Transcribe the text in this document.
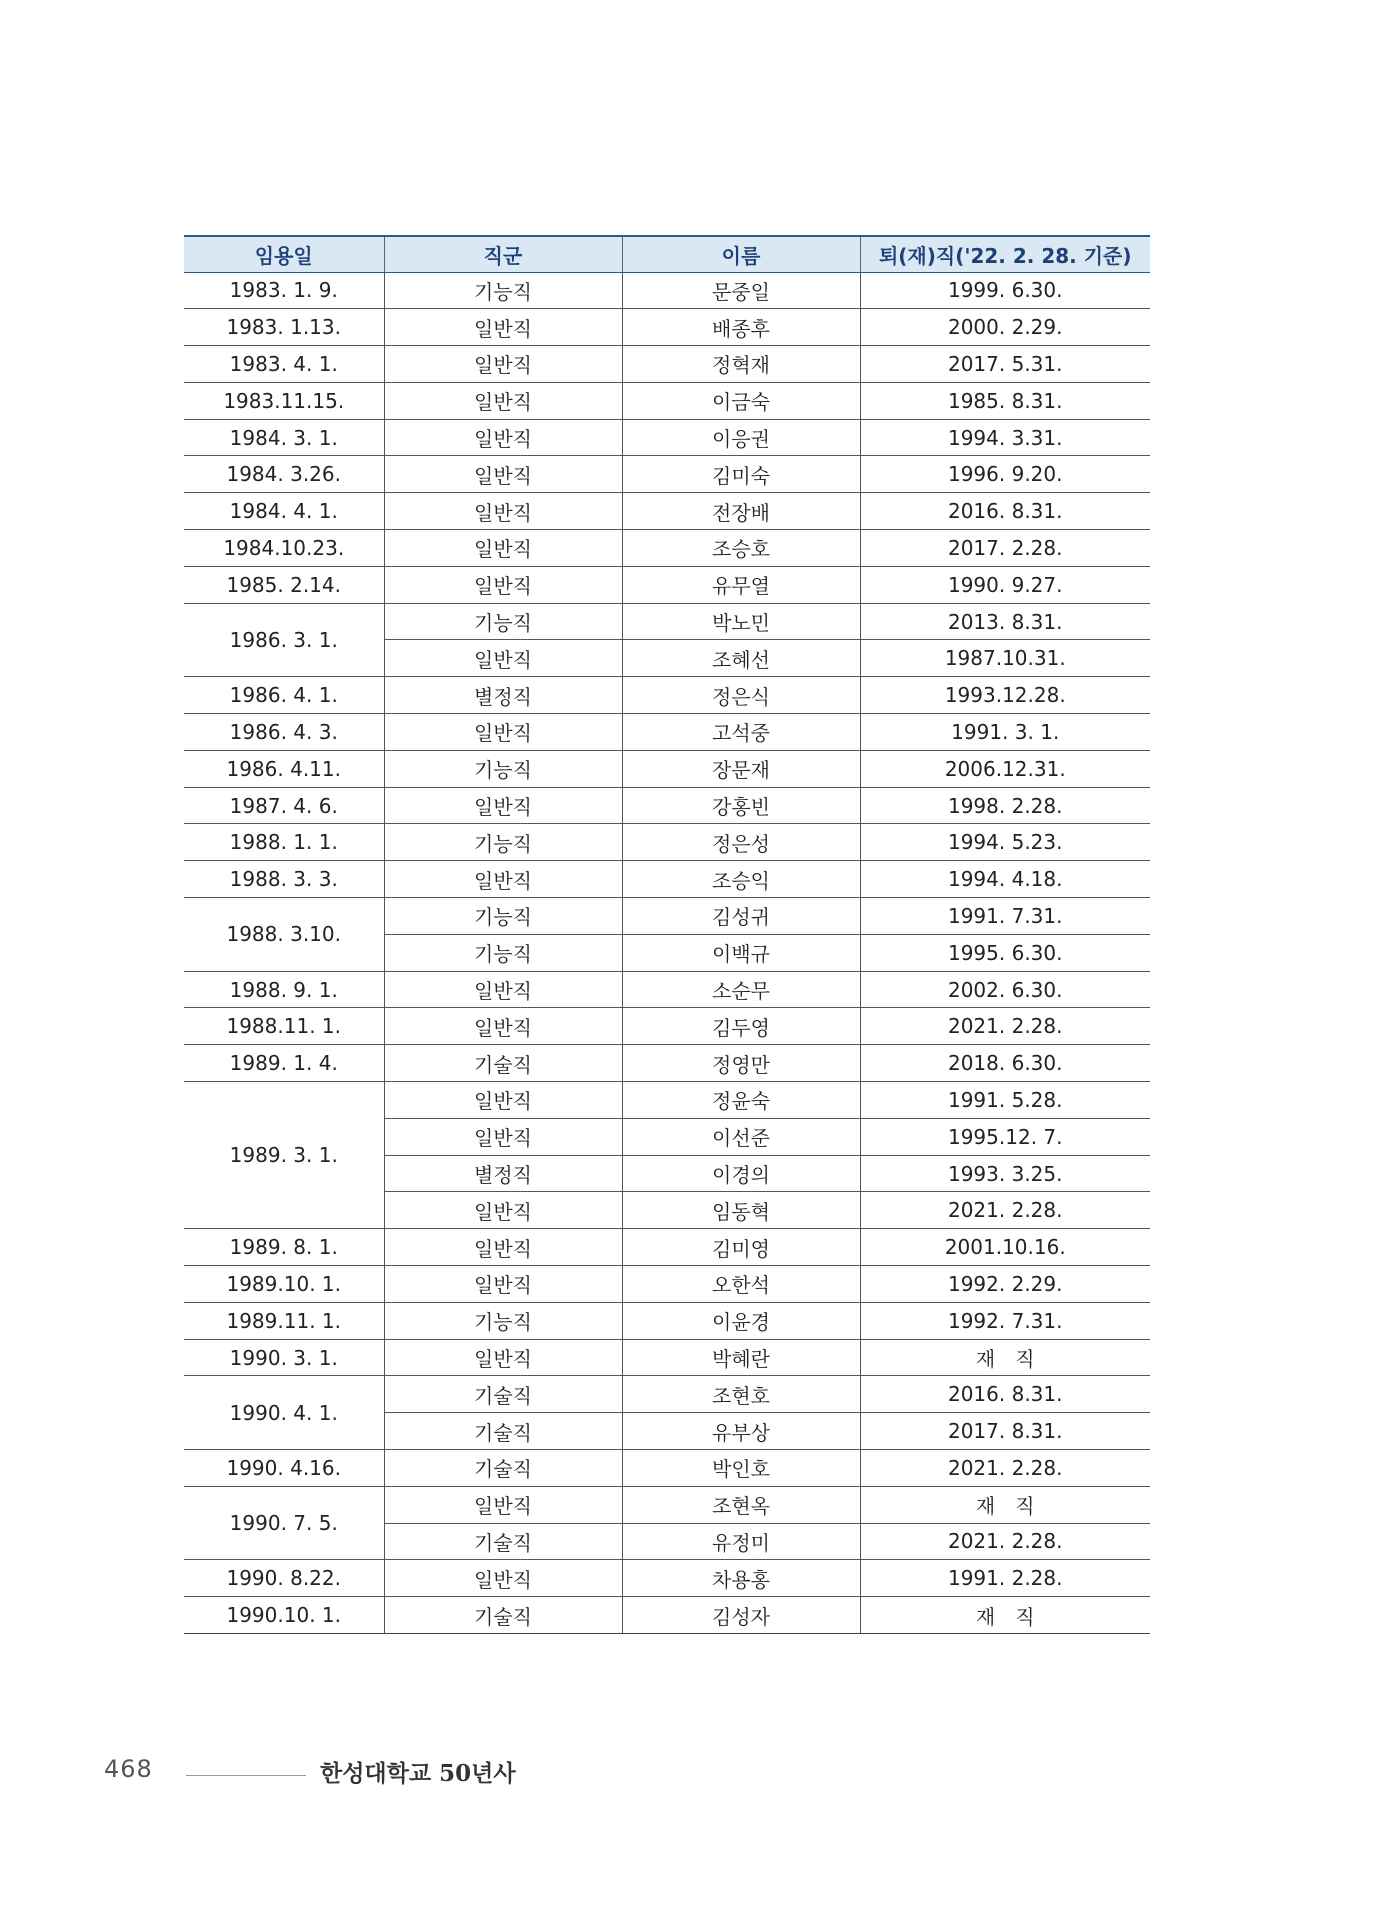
임용일	직군	이름	퇴(재)직('22. 2. 28. 기준)
1983. 1. 9.	기능직	문중일	1999. 6.30.
1983. 1.13.	일반직	배종후	2000. 2.29.
1983. 4. 1.	일반직	정혁재	2017. 5.31.
1983.11.15.	일반직	이금숙	1985. 8.31.
1984. 3. 1.	일반직	이응권	1994. 3.31.
1984. 3.26.	일반직	김미숙	1996. 9.20.
1984. 4. 1.	일반직	전장배	2016. 8.31.
1984.10.23.	일반직	조승호	2017. 2.28.
1985. 2.14.	일반직	유무열	1990. 9.27.
1986. 3. 1.	기능직	박노민	2013. 8.31.
	일반직	조혜선	1987.10.31.
1986. 4. 1.	별정직	정은식	1993.12.28.
1986. 4. 3.	일반직	고석중	1991. 3. 1.
1986. 4.11.	기능직	장문재	2006.12.31.
1987. 4. 6.	일반직	강홍빈	1998. 2.28.
1988. 1. 1.	기능직	정은성	1994. 5.23.
1988. 3. 3.	일반직	조승익	1994. 4.18.
1988. 3.10.	기능직	김성귀	1991. 7.31.
	기능직	이백규	1995. 6.30.
1988. 9. 1.	일반직	소순무	2002. 6.30.
1988.11. 1.	일반직	김두영	2021. 2.28.
1989. 1. 4.	기술직	정영만	2018. 6.30.
1989. 3. 1.	일반직	정윤숙	1991. 5.28.
	일반직	이선준	1995.12. 7.
	별정직	이경의	1993. 3.25.
	일반직	임동혁	2021. 2.28.
1989. 8. 1.	일반직	김미영	2001.10.16.
1989.10. 1.	일반직	오한석	1992. 2.29.
1989.11. 1.	기능직	이윤경	1992. 7.31.
1990. 3. 1.	일반직	박혜란	재　직
1990. 4. 1.	기술직	조현호	2016. 8.31.
	기술직	유부상	2017. 8.31.
1990. 4.16.	기술직	박인호	2021. 2.28.
1990. 7. 5.	일반직	조현옥	재　직
	기술직	유정미	2021. 2.28.
1990. 8.22.	일반직	차용홍	1991. 2.28.
1990.10. 1.	기술직	김성자	재　직
468	한성대학교 50년사
